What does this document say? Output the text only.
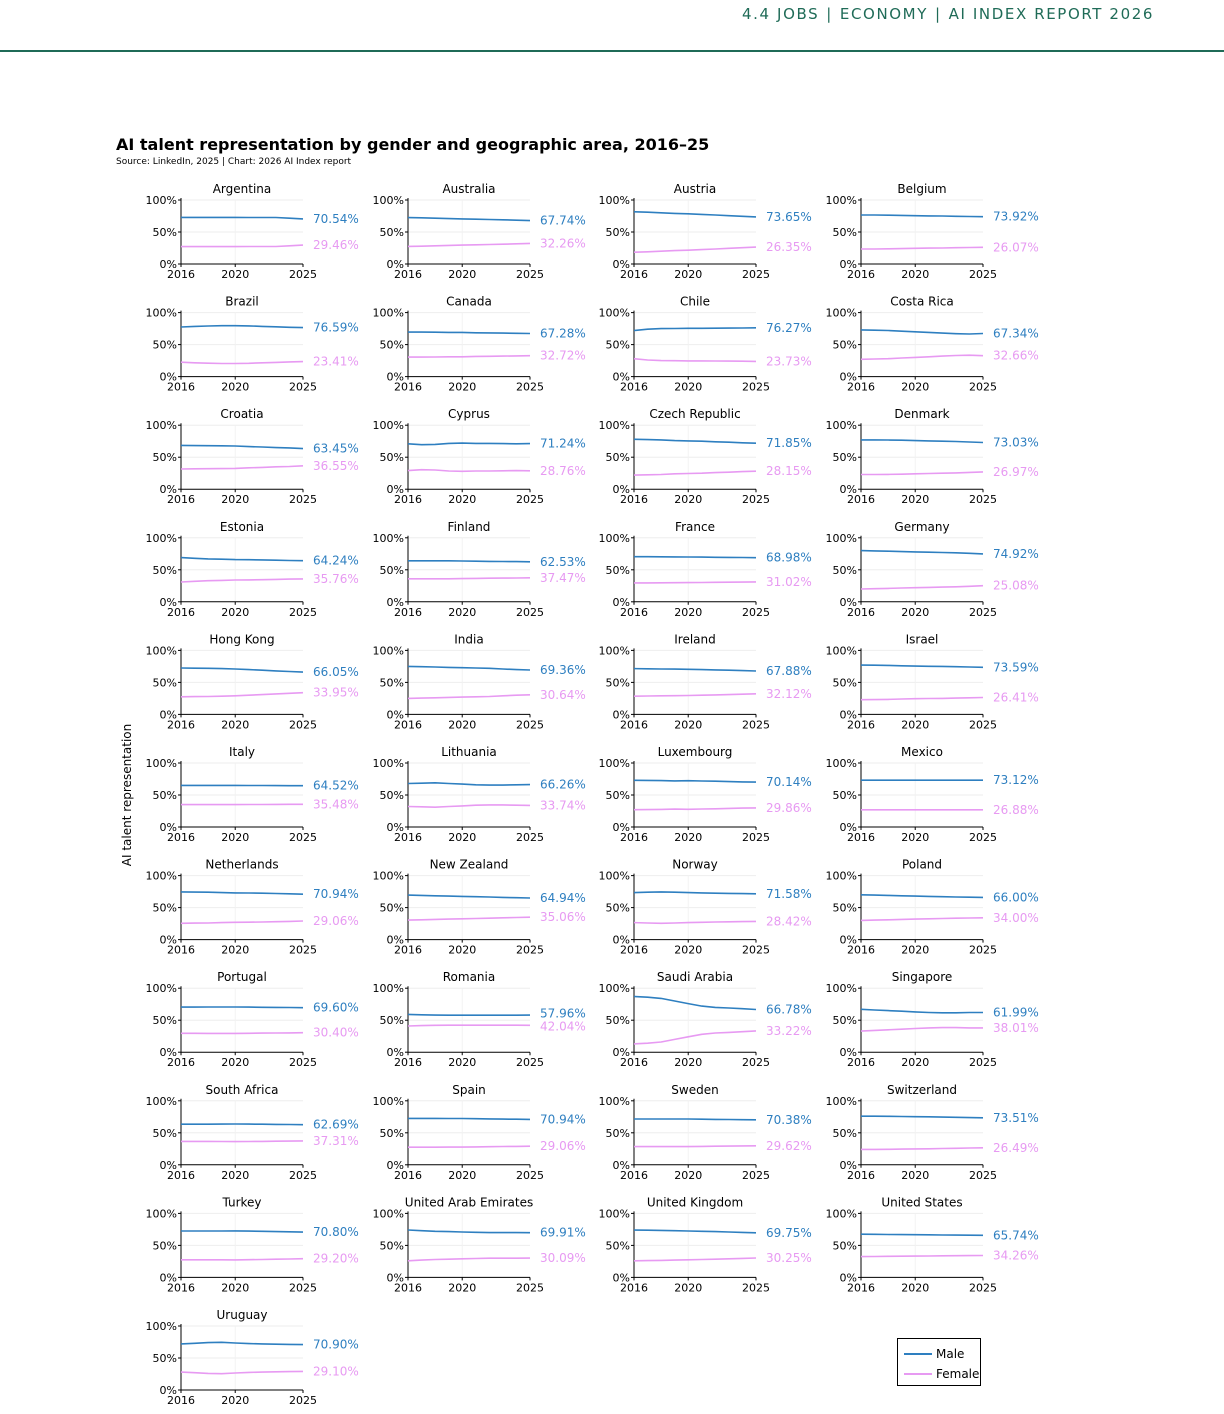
4.4 JOBS | ECONOMY | AI INDEX REPORT 2026
AI talent representation by gender and geographic area, 2016–25
Source: LinkedIn, 2025 | Chart: 2026 AI Index report
AI talent representation
Argentina
100%
50%
0%
2016 2020	2025
70.54%
29.46%
Australia
100%
50%
0%
2016 2020	2025
67.74%
32.26%
Austria
100%
50%
0%
2016 2020	2025
73.65%
26.35%
Belgium
100%
50%
0%
2016 2020	2025
73.92%
26.07%
Brazil
100%
50%
0%
2016 2020	2025
76.59%
23.41%
Canada
100%
50%
0%
2016 2020	2025
67.28%
32.72%
Chile
100%
50%
0%
2016 2020	2025
76.27%
23.73%
Costa Rica
100%
50%
0%
2016 2020	2025
67.34%
32.66%
Croatia
100%
50%
0%
2016 2020	2025
63.45%
36.55%
Cyprus
100%
50%
0%
2016 2020	2025
71.24%
28.76%
Czech Republic
100%
50%
0%
2016 2020	2025
71.85%
28.15%
Denmark
100%
50%
0%
2016 2020	2025
73.03%
26.97%
Estonia
100%
50%
0%
2016 2020	2025
64.24%
35.76%
Finland
100%
50%
0%
2016 2020	2025
62.53%
37.47%
France
100%
50%
0%
2016 2020	2025
68.98%
31.02%
Germany
100%
50%
0%
2016 2020	2025
74.92%
25.08%
Hong Kong
100%
50%
0%
2016 2020	2025
66.05%
33.95%
India
100%
50%
0%
2016 2020	2025
69.36%
30.64%
Ireland
100%
50%
0%
2016 2020	2025
67.88%
32.12%
Israel
100%
50%
0%
2016 2020	2025
73.59%
26.41%
Italy
100%
50%
0%
2016 2020	2025
64.52%
35.48%
Lithuania
100%
50%
0%
2016 2020	2025
66.26%
33.74%
Luxembourg
100%
50%
0%
2016 2020	2025
70.14%
29.86%
Mexico
100%
50%
0%
2016 2020	2025
73.12%
26.88%
Netherlands
100%
50%
0%
2016 2020	2025
70.94%
29.06%
New Zealand
100%
50%
0%
2016 2020	2025
64.94%
35.06%
Norway
100%
50%
0%
2016 2020	2025
71.58%
28.42%
Poland
100%
50%
0%
2016 2020	2025
66.00%
34.00%
Portugal
100%
50%
0%
2016 2020	2025
69.60%
30.40%
Romania
100%
50%
0%
2016 2020	2025
57.96%
42.04%
Saudi Arabia
100%
50%
0%
2016 2020	2025
66.78%
33.22%
Singapore
100%
50%
0%
2016 2020	2025
61.99%
38.01%
South Africa
100%
50%
0%
2016 2020	2025
62.69%
37.31%
Spain
100%
50%
0%
2016 2020	2025
70.94%
29.06%
Sweden
100%
50%
0%
2016 2020	2025
70.38%
29.62%
Switzerland
100%
50%
0%
2016 2020	2025
73.51%
26.49%
Turkey
100%
50%
0%
2016 2020	2025
70.80%
29.20%
United Arab Emirates
100%
50%
0%
2016 2020	2025
69.91%
30.09%
United Kingdom
100%
50%
0%
2016 2020	2025
69.75%
30.25%
United States
100%
50%
0%
2016 2020	2025
65.74%
34.26%
Uruguay
100%
50%
0%
2016 2020	2025
70.90%
29.10%
Male
Female
